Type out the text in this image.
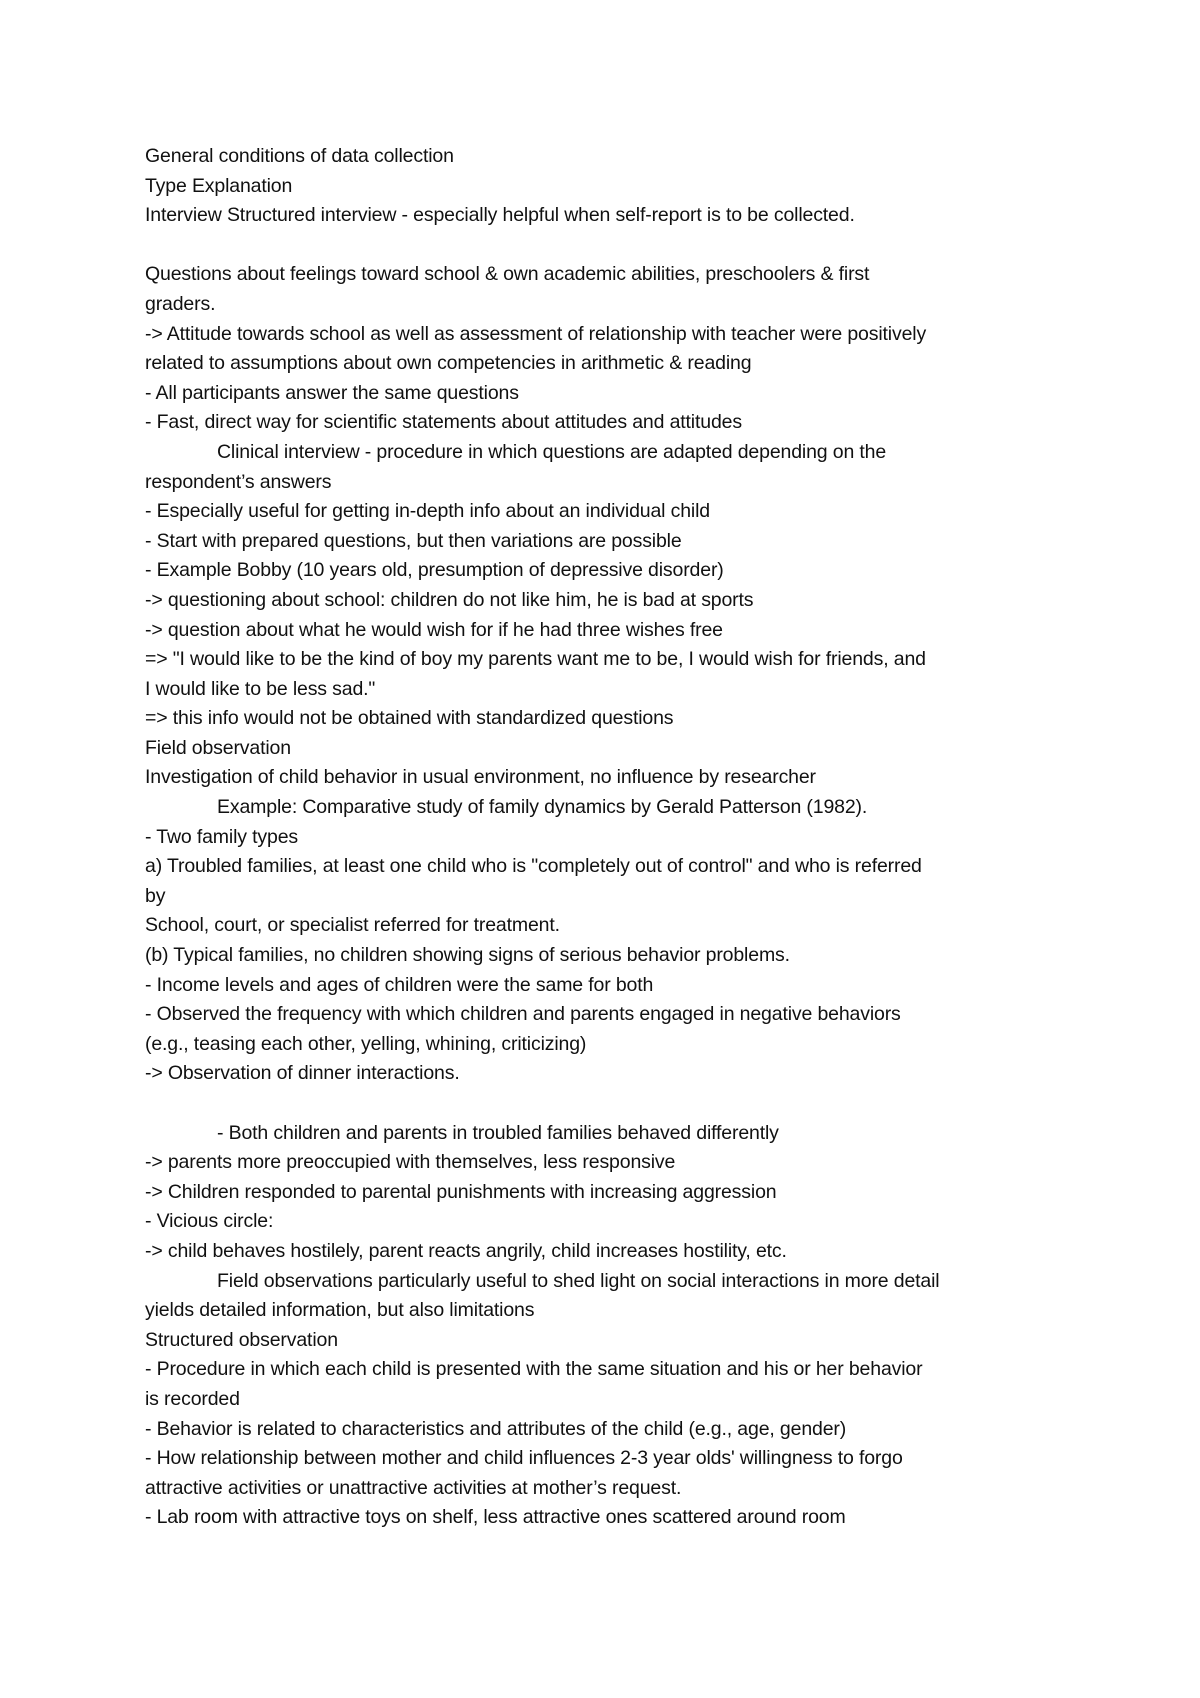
General conditions of data collection
Type Explanation
Interview Structured interview - especially helpful when self-report is to be collected.
Questions about feelings toward school & own academic abilities, preschoolers & first
graders.
-> Attitude towards school as well as assessment of relationship with teacher were positively
related to assumptions about own competencies in arithmetic & reading
- All participants answer the same questions
- Fast, direct way for scientific statements about attitudes and attitudes
Clinical interview - procedure in which questions are adapted depending on the
respondent’s answers
- Especially useful for getting in-depth info about an individual child
- Start with prepared questions, but then variations are possible
- Example Bobby (10 years old, presumption of depressive disorder)
-> questioning about school: children do not like him, he is bad at sports
-> question about what he would wish for if he had three wishes free
=> "I would like to be the kind of boy my parents want me to be, I would wish for friends, and
I would like to be less sad."
=> this info would not be obtained with standardized questions
Field observation
Investigation of child behavior in usual environment, no influence by researcher
Example: Comparative study of family dynamics by Gerald Patterson (1982).
- Two family types
a) Troubled families, at least one child who is "completely out of control" and who is referred
by
School, court, or specialist referred for treatment.
(b) Typical families, no children showing signs of serious behavior problems.
- Income levels and ages of children were the same for both
- Observed the frequency with which children and parents engaged in negative behaviors
(e.g., teasing each other, yelling, whining, criticizing)
-> Observation of dinner interactions.
- Both children and parents in troubled families behaved differently
-> parents more preoccupied with themselves, less responsive
-> Children responded to parental punishments with increasing aggression
- Vicious circle:
-> child behaves hostilely, parent reacts angrily, child increases hostility, etc.
Field observations particularly useful to shed light on social interactions in more detail
yields detailed information, but also limitations
Structured observation
- Procedure in which each child is presented with the same situation and his or her behavior
is recorded
- Behavior is related to characteristics and attributes of the child (e.g., age, gender)
- How relationship between mother and child influences 2-3 year olds' willingness to forgo
attractive activities or unattractive activities at mother’s request.
- Lab room with attractive toys on shelf, less attractive ones scattered around room
